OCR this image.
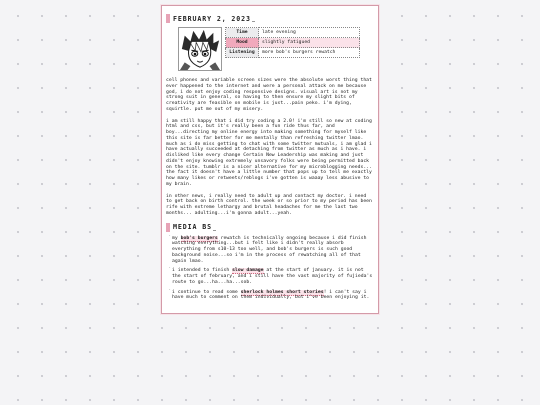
FEBRUARY 2, 2023
Time	late evening
Mood	slightly fatigued
Listening	more bob's burgers rewatch

cell phones and variable screen sizes were the absolute worst thing that ever happened to the internet and were a personal attack on me because god, i do not enjoy coding responsive designs. visual art is not my strong suit in general, so having to then ensure my slight bits of creativity are feasible on mobile is just...pain peko. i'm dying, squirtle. put me out of my misery.

i am still happy that i did try coding a 2.0! i'm still so new at coding html and css, but it's really been a fun ride thus far, and boy...directing my online energy into making something for myself like this site is far better for me mentally than refreshing twitter lmao. much as i do miss getting to chat with some twitter mutuals, i am glad i have actually succeeded at detaching from twitter as much as i have. i disliked like every change Certain New Leadership was making and just didn't enjoy knowing extremely unsavory folks were being permitted back on the site. tumblr is a nicer alternative for my microblogging needs... the fact it doesn't have a little number that pops up to tell me exactly how many likes or retweets/reblogs i've gotten is waaay less abusive to my brain.

in other news, i really need to adult up and contact my doctor. i need to get back on birth control. the week or so prior to my period has been rife with extreme lethargy and brutal headaches for me the last two months... adulting...i'm gonna adult...yeah.

MEDIA BS
´ my bob's burgers rewatch is technically ongoing because i did finish watching everything...but i felt like i didn't really absorb everything from s10-13 too well, and bob's burgers is such good background noise...so i'm in the process of rewatching all of that again lmao.
´ i intended to finish slow damage at the start of january. it is not the start of february, and i still have the vast majority of fujieda's route to go...ha...ha...sob.
´ i continue to read some sherlock holmes short stories! i can't say i have much to comment on them individually, but i've been enjoying it.
